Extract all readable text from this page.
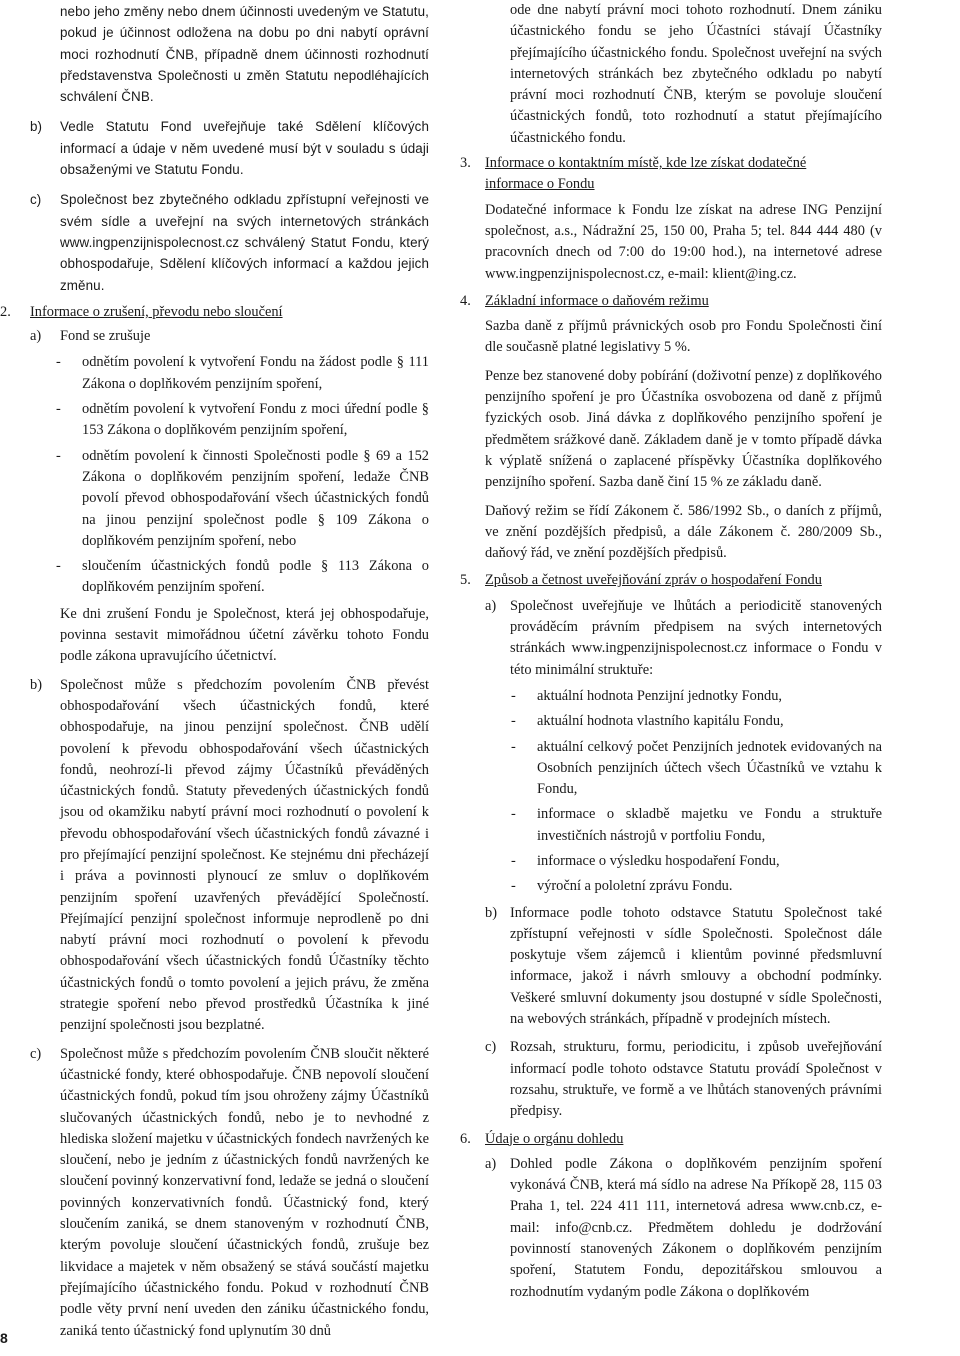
nebo jeho změny nebo dnem účinnosti uvedeným ve Statutu, pokud je účinnost odložena na dobu po dni nabytí oprávní moci rozhodnutí ČNB, případně dnem účinnosti rozhodnutí představenstva Společnosti u změn Statutu nepodléhajících schválení ČNB.

b)	Vedle Statutu Fond uveřejňuje také Sdělení klíčových informací a údaje v něm uvedené musí být v souladu s údaji obsaženými ve Statutu Fondu.

c)	Společnost bez zbytečného odkladu zpřístupní veřejnosti ve svém sídle a uveřejní na svých internetových stránkách www.ingpenzijnispolecnost.cz schválený Statut Fondu, který obhospodařuje, Sdělení klíčových informací a každou jejich změnu.

2.	Informace o zrušení, převodu nebo sloučení
a)	Fond se zrušuje

-	odnětím povolení k vytvoření Fondu na žádost podle § 111 Zákona o doplňkovém penzijním spoření,

-	odnětím povolení k vytvoření Fondu z moci úřední podle § 153 Zákona o doplňkovém penzijním spoření,

-	odnětím povolení k činnosti Společnosti podle § 69 a 152 Zákona o doplňkovém penzijním spoření, ledaže ČNB povolí převod obhospodařování všech účastnických fondů na jinou penzijní společnost podle § 109 Zákona o doplňkovém penzijním spoření, nebo

-	sloučením účastnických fondů podle § 113 Zákona o doplňkovém penzijním spoření.

Ke dni zrušení Fondu je Společnost, která jej obhospodařuje, povinna sestavit mimořádnou účetní závěrku tohoto Fondu podle zákona upravujícího účetnictví.

b)	Společnost může s předchozím povolením ČNB převést obhospodařování všech účastnických fondů, které obhospodařuje, na jinou penzijní společnost. ČNB udělí povolení k převodu obhospodařování všech účastnických fondů, neohrozí-li převod zájmy Účastníků převáděných účastnických fondů. Statuty převedených účastnických fondů jsou od okamžiku nabytí právní moci rozhodnutí o povolení k převodu obhospodařování všech účastnických fondů závazné i pro přejímající penzijní společnost. Ke stejnému dni přecházejí i práva a povinnosti plynoucí ze smluv o doplňkovém penzijním spoření uzavřených převádějící Společností. Přejímající penzijní společnost informuje neprodleně po dni nabytí právní moci rozhodnutí o povolení k převodu obhospodařování všech účastnických fondů Účastníky těchto účastnických fondů o tomto povolení a jejich právu, že změna strategie spoření nebo převod prostředků Účastníka k jiné penzijní společnosti jsou bezplatné.

c)	Společnost může s předchozím povolením ČNB sloučit některé účastnické fondy, které obhospodařuje. ČNB nepovolí sloučení účastnických fondů, pokud tím jsou ohroženy zájmy Účastníků slučovaných účastnických fondů, nebo je to nevhodné z hlediska složení majetku v účastnických fondech navržených ke sloučení, nebo je jedním z účastnických fondů navržených ke sloučení povinný konzervativní fond, ledaže se jedná o sloučení povinných konzervativních fondů. Účastnický fond, který sloučením zaniká, se dnem stanoveným v rozhodnutí ČNB, kterým povoluje sloučení účastnických fondů, zrušuje bez likvidace a majetek v něm obsažený se stává součástí majetku přejímajícího účastnického fondu. Pokud v rozhodnutí ČNB podle věty první není uveden den zániku účastnického fondu, zaniká tento účastnický fond uplynutím 30 dnů

ode dne nabytí právní moci tohoto rozhodnutí. Dnem zániku účastnického fondu se jeho Účastníci stávají Účastníky přejímajícího účastnického fondu. Společnost uveřejní na svých internetových stránkách bez zbytečného odkladu po nabytí právní moci rozhodnutí ČNB, kterým se povoluje sloučení účastnických fondů, toto rozhodnutí a statut přejímajícího účastnického fondu.

3. Informace o kontaktním místě, kde lze získat dodatečné informace o Fondu

Dodatečné informace k Fondu lze získat na adrese ING Penzijní společnost, a.s., Nádražní 25, 150 00, Praha 5; tel. 844 444 480 (v pracovních dnech od 7:00 do 19:00 hod.), na internetové adrese www.ingpenzijnispolecnost.cz, e-mail: klient@ing.cz.

4. Základní informace o daňovém režimu

Sazba daně z příjmů právnických osob pro Fondu Společnosti činí dle současně platné legislativy 5 %.

Penze bez stanovené doby pobírání (doživotní penze) z doplňkového penzijního spoření je pro Účastníka osvobozena od daně z příjmů fyzických osob. Jiná dávka z doplňkového penzijního spoření je předmětem srážkové daně. Základem daně je v tomto případě dávka k výplatě snížená o zaplacené příspěvky Účastníka doplňkového penzijního spoření. Sazba daně činí 15 % ze základu daně.

Daňový režim se řídí Zákonem č. 586/1992 Sb., o daních z příjmů, ve znění pozdějších předpisů, a dále Zákonem č. 280/2009 Sb., daňový řád, ve znění pozdějších předpisů.

5. Způsob a četnost uveřejňování zpráv o hospodaření Fondu
a) Společnost uveřejňuje ve lhůtách a periodicitě stanovených prováděcím právním předpisem na svých internetových stránkách www.ingpenzijnispolecnost.cz informace o Fondu v této minimální struktuře:

-	aktuální hodnota Penzijní jednotky Fondu,

-	aktuální hodnota vlastního kapitálu Fondu,

-	aktuální celkový počet Penzijních jednotek evidovaných na Osobních penzijních účtech všech Účastníků ve vztahu k Fondu,

-	informace o skladbě majetku ve Fondu a struktuře investičních nástrojů v portfoliu Fondu,

-	informace o výsledku hospodaření Fondu,

-	výroční a pololetní zprávu Fondu.

b) Informace podle tohoto odstavce Statutu Společnost také zpřístupní veřejnosti v sídle Společnosti. Společnost dále poskytuje všem zájemců i klientům povinné předsmluvní informace, jakož i návrh smlouvy a obchodní podmínky. Veškeré smluvní dokumenty jsou dostupné v sídle Společnosti, na webových stránkách, případně v prodejních místech.

c) Rozsah, strukturu, formu, periodicitu, i způsob uveřejňování informací podle tohoto odstavce Statutu provádí Společnost v rozsahu, struktuře, ve formě a ve lhůtách stanovených právními předpisy.

6. Údaje o orgánu dohledu
a) Dohled podle Zákona o doplňkovém penzijním spoření vykonává ČNB, která má sídlo na adrese Na Příkopě 28, 115 03 Praha 1, tel. 224 411 111, internetová adresa www.cnb.cz, e-mail: info@cnb.cz. Předmětem dohledu je dodržování povinností stanovených Zákonem o doplňkovém penzijním spoření, Statutem Fondu, depozitářskou smlouvou a rozhodnutím vydaným podle Zákona o doplňkovém

8
